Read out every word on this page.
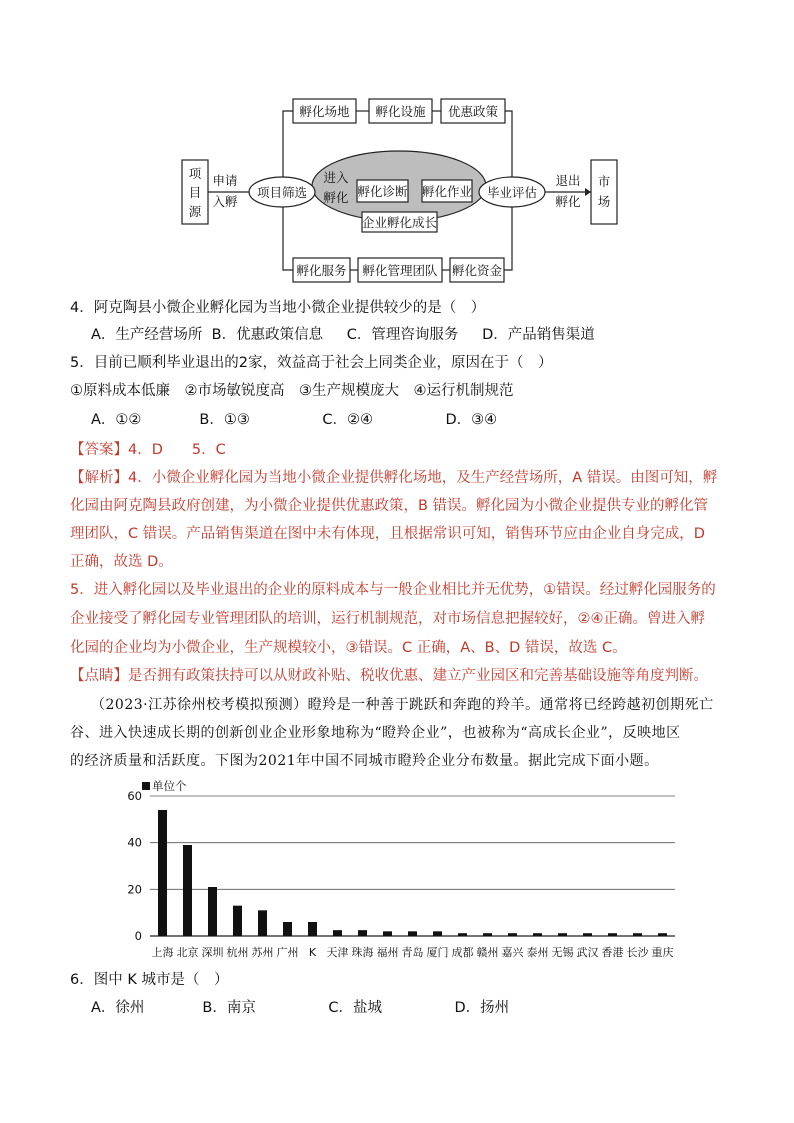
孵化场地 孵化设施 优惠政策
孵化服务 孵化管理团队 孵化资金
项
目
源
市
场
申请
入孵
项目筛选
进入
孵化 孵化诊断 孵化作业
企业孵化成长
毕业评估
退出
孵化
4．阿克陶县小微企业孵化园为当地小微企业提供较少的是（　）
A．生产经营场所  B．优惠政策信息　  C．管理咨询服务　  D．产品销售渠道
5．目前已顺利毕业退出的2家，效益高于社会上同类企业，原因在于（　）
①原料成本低廉　②市场敏锐度高　③生产规模庞大　④运行机制规范
A．①②　　　　B．①③　　　　　C．②④　　　　　D．③④
【答案】4．D　　5．C
【解析】4．小微企业孵化园为当地小微企业提供孵化场地，及生产经营场所，A 错误。由图可知，孵
化园由阿克陶县政府创建，为小微企业提供优惠政策，B 错误。孵化园为小微企业提供专业的孵化管
理团队，C 错误。产品销售渠道在图中未有体现，且根据常识可知，销售环节应由企业自身完成，D
正确，故选 D。
5．进入孵化园以及毕业退出的企业的原料成本与一般企业相比并无优势，①错误。经过孵化园服务的
企业接受了孵化园专业管理团队的培训，运行机制规范，对市场信息把握较好，②④正确。曾进入孵
化园的企业均为小微企业，生产规模较小，③错误。C 正确，A、B、D 错误，故选 C。
【点睛】是否拥有政策扶持可以从财政补贴、税收优惠、建立产业园区和完善基础设施等角度判断。
（2023·江苏徐州校考模拟预测）瞪羚是一种善于跳跃和奔跑的羚羊。通常将已经跨越初创期死亡
谷、进入快速成长期的创新创业企业形象地称为“瞪羚企业”，也被称为“高成长企业”，反映地区
的经济质量和活跃度。下图为2021年中国不同城市瞪羚企业分布数量。据此完成下面小题。
0
20
40
60
单位个
上海 北京 深圳 杭州 苏州 广州 K 天津 珠海 福州 青岛 厦门 成都 赣州 嘉兴 泰州 无锡 武汉 香港 长沙 重庆
6．图中 K 城市是（　）
A．徐州　　　　B．南京　　　　　C．盐城　　　　　D．扬州
